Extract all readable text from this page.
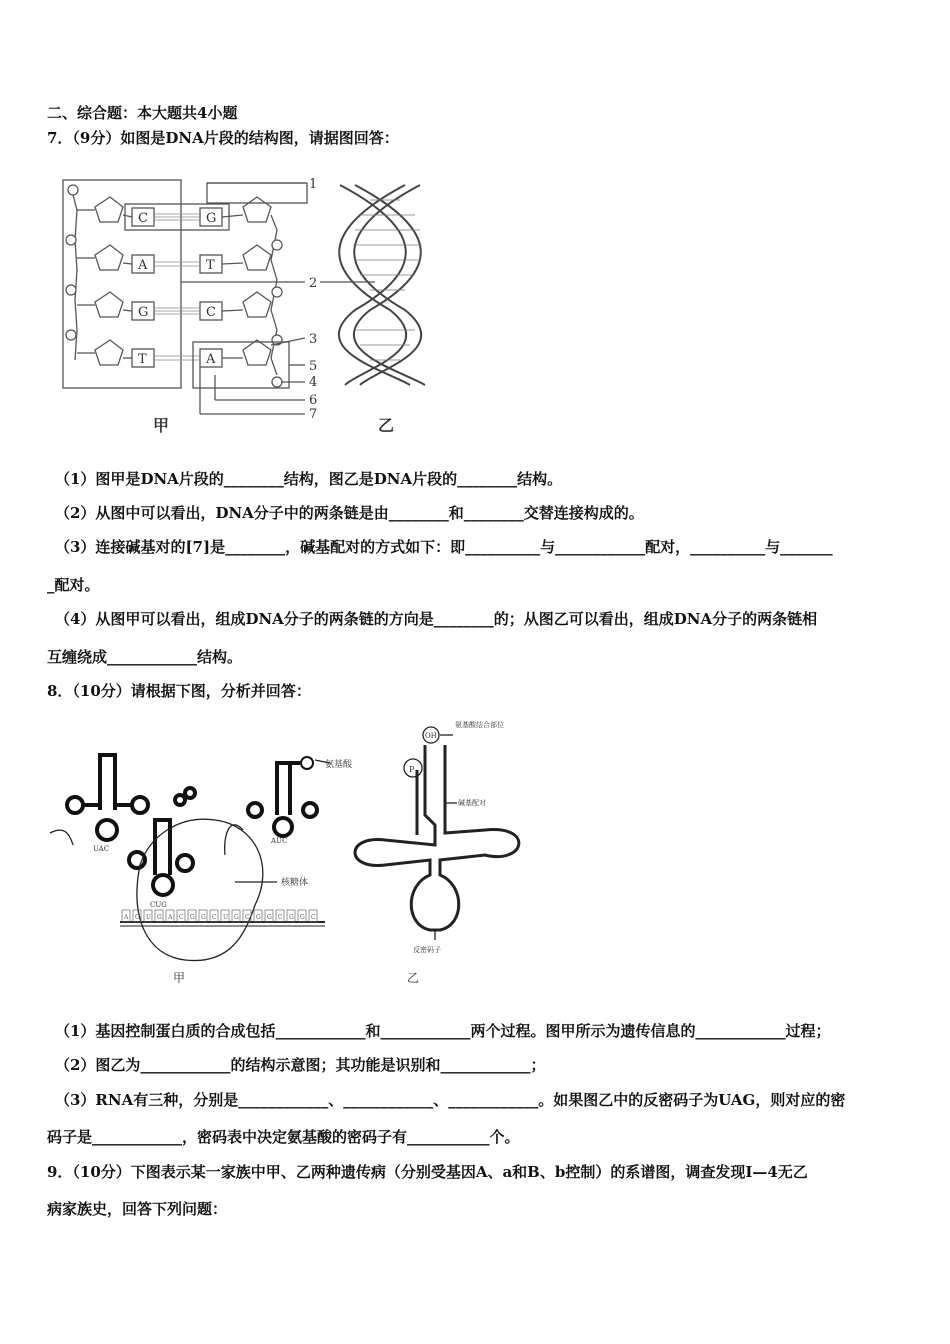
二、综合题：本大题共4小题
7．（9分）如图是DNA片段的结构图，请据图回答：
C
A
G
T
G
T
C
A
1
2
3
5
4
6
7
甲	乙
（1）图甲是DNA片段的________结构，图乙是DNA片段的________结构。
（2）从图中可以看出，DNA分子中的两条链是由________和________交替连接构成的。
（3）连接碱基对的[7]是________，碱基配对的方式如下：即__________与____________配对，__________与_______
_配对。
（4）从图甲可以看出，组成DNA分子的两条链的方向是________的；从图乙可以看出，组成DNA分子的两条链相
互缠绕成____________结构。
8．（10分）请根据下图，分析并回答：
氨基酸
核糖体
UAC
CUG
AUC
OH
P
氨基酸结合部位
碱基配对
反密码子
甲	乙
A C U G A C G G C U G C G G C G G C
（1）基因控制蛋白质的合成包括____________和____________两个过程。图甲所示为遗传信息的____________过程；
（2）图乙为____________的结构示意图；其功能是识别和____________；
（3）RNA有三种，分别是____________、____________、____________。如果图乙中的反密码子为UAG，则对应的密
码子是____________，密码表中决定氨基酸的密码子有___________个。
9．（10分）下图表示某一家族中甲、乙两种遗传病（分别受基因A、a和B、b控制）的系谱图，调查发现Ⅰ—4无乙
病家族史，回答下列问题：
